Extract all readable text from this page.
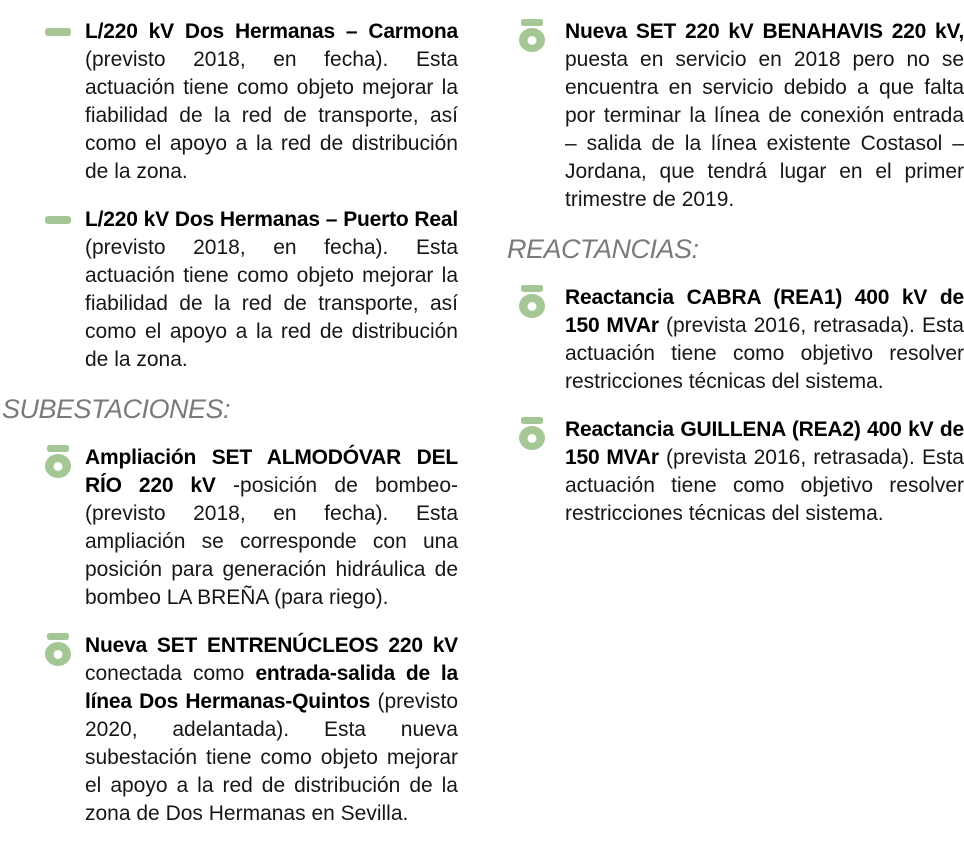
L/220 kV Dos Hermanas – Carmona (previsto 2018, en fecha). Esta actuación tiene como objeto mejorar la fiabilidad de la red de transporte, así como el apoyo a la red de distribución de la zona.

L/220 kV Dos Hermanas – Puerto Real (previsto 2018, en fecha). Esta actuación tiene como objeto mejorar la fiabilidad de la red de transporte, así como el apoyo a la red de distribución de la zona.

SUBESTACIONES:

Ampliación SET ALMODÓVAR DEL RÍO 220 kV -posición de bombeo- (previsto 2018, en fecha). Esta ampliación se corresponde con una posición para generación hidráulica de bombeo LA BREÑA (para riego).

Nueva SET ENTRENÚCLEOS 220 kV conectada como entrada-salida de la línea Dos Hermanas-Quintos (previsto 2020, adelantada). Esta nueva subestación tiene como objeto mejorar el apoyo a la red de distribución de la zona de Dos Hermanas en Sevilla.

Nueva SET 220 kV BENAHAVIS 220 kV, puesta en servicio en 2018 pero no se encuentra en servicio debido a que falta por terminar la línea de conexión entrada – salida de la línea existente Costasol – Jordana, que tendrá lugar en el primer trimestre de 2019.

REACTANCIAS:

Reactancia CABRA (REA1) 400 kV de 150 MVAr (prevista 2016, retrasada). Esta actuación tiene como objetivo resolver restricciones técnicas del sistema.

Reactancia GUILLENA (REA2) 400 kV de 150 MVAr (prevista 2016, retrasada). Esta actuación tiene como objetivo resolver restricciones técnicas del sistema.
